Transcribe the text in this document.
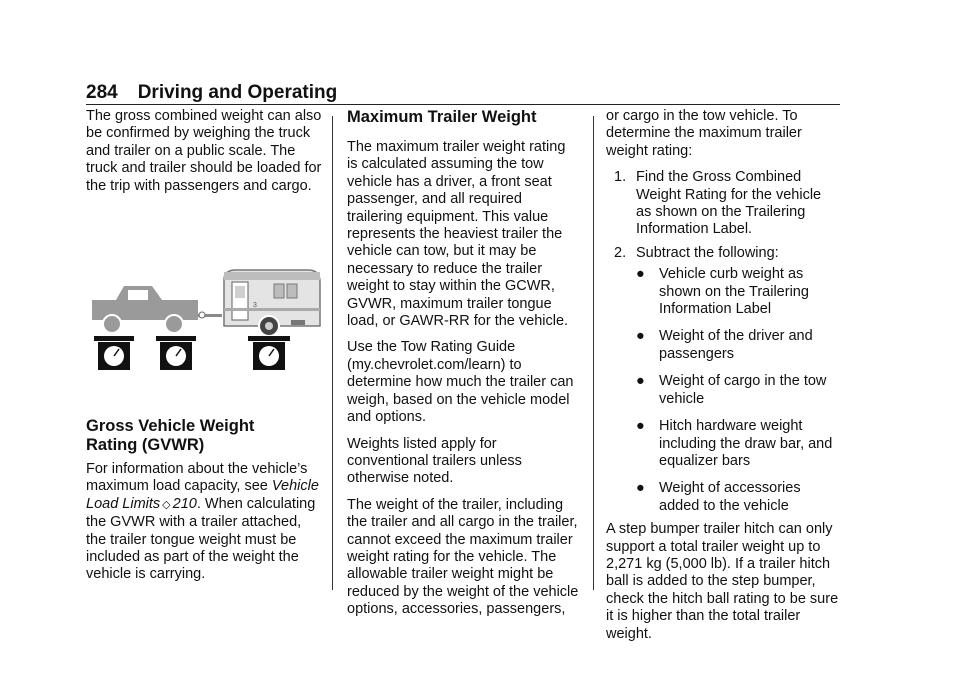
284 Driving and Operating

The gross combined weight can also be confirmed by weighing the truck and trailer on a public scale. The truck and trailer should be loaded for the trip with passengers and cargo.

3
Gross Vehicle Weight
Rating (GVWR)
For information about the vehicle’s maximum load capacity, see Vehicle Load Limits ◇ 210. When calculating the GVWR with a trailer attached, the trailer tongue weight must be included as part of the weight the vehicle is carrying.
Maximum Trailer Weight

The maximum trailer weight rating is calculated assuming the tow vehicle has a driver, a front seat passenger, and all required trailering equipment. This value represents the heaviest trailer the vehicle can tow, but it may be necessary to reduce the trailer weight to stay within the GCWR, GVWR, maximum trailer tongue load, or GAWR-RR for the vehicle.

Use the Tow Rating Guide (my.chevrolet.com/learn) to determine how much the trailer can weigh, based on the vehicle model and options.

Weights listed apply for conventional trailers unless otherwise noted.

The weight of the trailer, including the trailer and all cargo in the trailer, cannot exceed the maximum trailer weight rating for the vehicle. The allowable trailer weight might be reduced by the weight of the vehicle options, accessories, passengers,

or cargo in the tow vehicle. To determine the maximum trailer weight rating:

1. Find the Gross Combined Weight Rating for the vehicle as shown on the Trailering Information Label.
2. Subtract the following:
● Vehicle curb weight as shown on the Trailering Information Label
● Weight of the driver and passengers
● Weight of cargo in the tow vehicle
● Hitch hardware weight including the draw bar, and equalizer bars
● Weight of accessories added to the vehicle

A step bumper trailer hitch can only support a total trailer weight up to 2,271 kg (5,000 lb). If a trailer hitch ball is added to the step bumper, check the hitch ball rating to be sure it is higher than the total trailer weight.
